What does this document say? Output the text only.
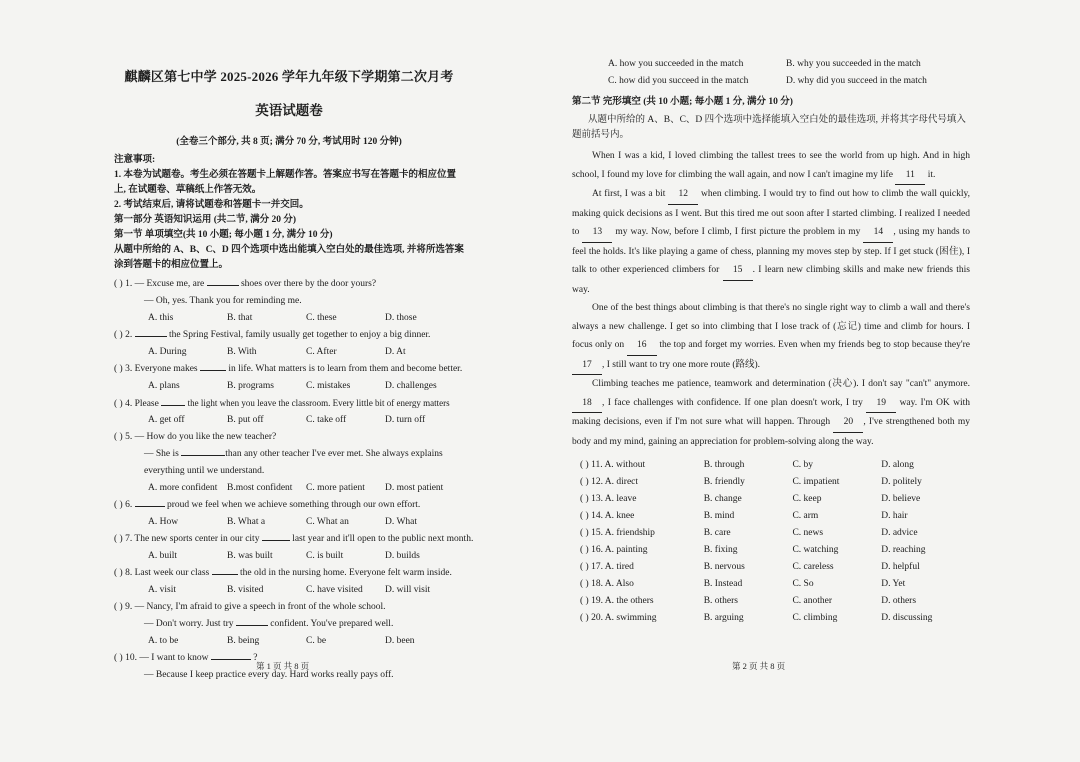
麒麟区第七中学 2025-2026 学年九年级下学期第二次月考
英语试题卷
(全卷三个部分, 共 8 页; 满分 70 分, 考试用时 120 分钟)
注意事项:
1. 本卷为试题卷。考生必须在答题卡上解题作答。答案应书写在答题卡的相应位置上, 在试题卷、草稿纸上作答无效。
2. 考试结束后, 请将试题卷和答题卡一并交回。
第一部分 英语知识运用 (共二节, 满分 20 分)
第一节 单项填空(共 10 小题; 每小题 1 分, 满分 10 分)
从题中所给的 A、B、C、D 四个选项中选出能填入空白处的最佳选项, 并将所选答案涂到答题卡的相应位置上。
( ) 1. — Excuse me, are	shoes over there by the door yours?
— Oh, yes. Thank you for reminding me.
A. this	B. that	C. these	D. those
( ) 2.	the Spring Festival, family usually get together to enjoy a big dinner.
A. During	B. With	C. After	D. At
( ) 3. Everyone makes	in life. What matters is to learn from them and become better.
A. plans	B. programs	C. mistakes	D. challenges
( ) 4. Please	the light when you leave the classroom. Every little bit of energy matters
A. get off	B. put off	C. take off	D. turn off
( ) 5. — How do you like the new teacher?
— She is	than any other teacher I've ever met. She always explains
everything until we understand.
A. more confident	B.most confident	C. more patient	D. most patient
( ) 6.	proud we feel when we achieve something through our own effort.
A. How	B. What a	C. What an	D. What
( ) 7. The new sports center in our city	last year and it'll open to the public next month.
A. built	B. was built	C. is built	D. builds
( ) 8. Last week our class	the old in the nursing home. Everyone felt warm inside.
A. visit	B. visited	C. have visited	D. will visit
( ) 9. — Nancy, I'm afraid to give a speech in front of the whole school.
— Don't worry. Just try	confident. You've prepared well.
A. to be	B. being	C. be	D. been
( ) 10. — I want to know	?
— Because I keep practice every day. Hard works really pays off.
第 1 页 共 8 页
A. how you succeeded in the match	B. why you succeeded in the match
C. how did you succeed in the match	D. why did you succeed in the match
第二节 完形填空 (共 10 小题; 每小题 1 分, 满分 10 分)
从题中所给的 A、B、C、D 四个选项中选择能填入空白处的最佳选项, 并将其字母代号填入题前括号内。
When I was a kid, I loved climbing the tallest trees to see the world from up high. And in high school, I found my love for climbing the wall again, and now I can't imagine my life 11 it.
At first, I was a bit 12 when climbing. I would try to find out how to climb the wall quickly, making quick decisions as I went. But this tired me out soon after I started climbing. I realized I needed to 13 my way. Now, before I climb, I first picture the problem in my 14 , using my hands to feel the holds. It's like playing a game of chess, planning my moves step by step. If I get stuck (困住), I talk to other experienced climbers for 15 . I learn new climbing skills and make new friends this way.
One of the best things about climbing is that there's no single right way to climb a wall and there's always a new challenge. I get so into climbing that I lose track of (忘记) time and climb for hours. I focus only on 16 the top and forget my worries. Even when my friends beg to stop because they're 17 , I still want to try one more route (路线).
Climbing teaches me patience, teamwork and determination (决心). I don't say "can't" anymore. 18 , I face challenges with confidence. If one plan doesn't work, I try 19 way. I'm OK with making decisions, even if I'm not sure what will happen. Through 20 , I've strengthened both my body and my mind, gaining an appreciation for problem-solving along the way.
( ) 11. A. without	B. through	C. by	D. along
( ) 12. A. direct	B. friendly	C. impatient	D. politely
( ) 13. A. leave	B. change	C. keep	D. believe
( ) 14. A. knee	B. mind	C. arm	D. hair
( ) 15. A. friendship	B. care	C. news	D. advice
( ) 16. A. painting	B. fixing	C. watching	D. reaching
( ) 17. A. tired	B. nervous	C. careless	D. helpful
( ) 18. A. Also	B. Instead	C. So	D. Yet
( ) 19. A. the others	B. others	C. another	D. others
( ) 20. A. swimming	B. arguing	C. climbing	D. discussing
第 2 页 共 8 页
